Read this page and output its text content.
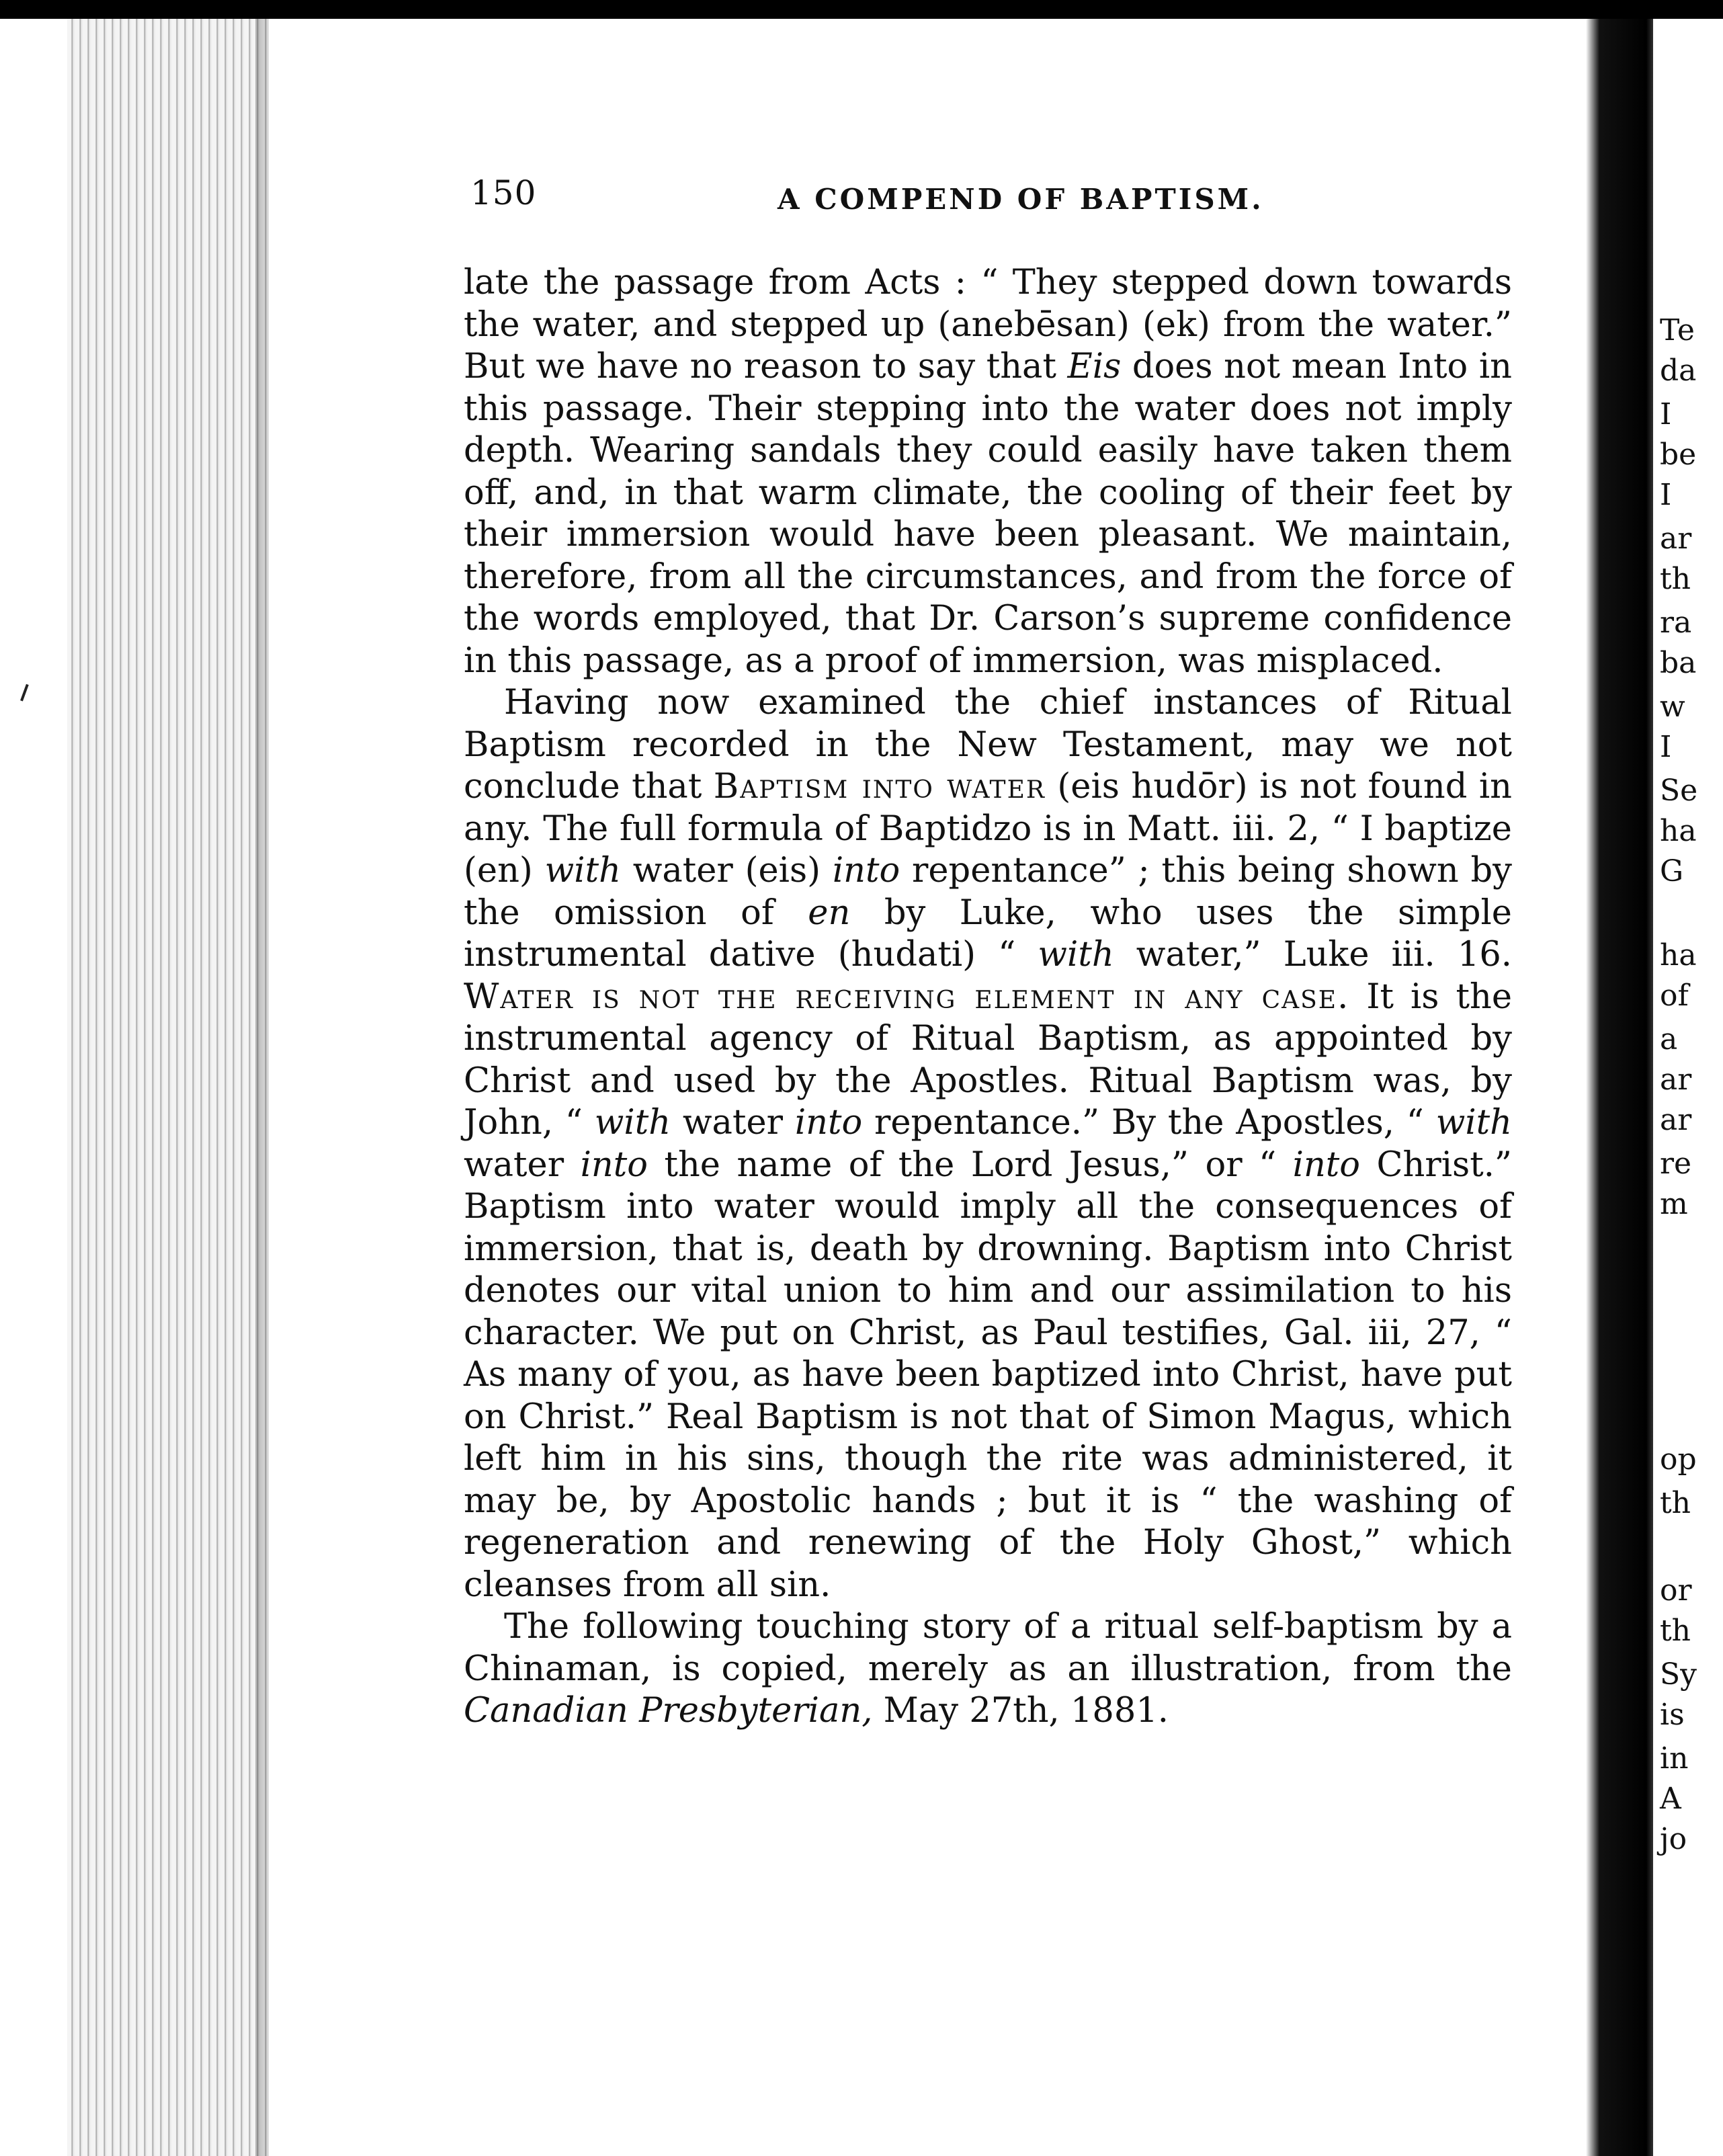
Te
da
I
be
I
ar
th
ra
ba
w
I
Se
ha
G
ha
of
a
ar
ar
re
m
op
th
or
th
Sy
is
in
A
jo
150	A COMPEND OF BAPTISM.
late the passage from Acts : “ They stepped down towards the water, and stepped up (anebēsan) (ek) from the water.” But we have no reason to say that Eis does not mean Into in this passage. Their stepping into the water does not imply depth. Wearing sandals they could easily have taken them off, and, in that warm climate, the cooling of their feet by their immersion would have been pleasant. We maintain, therefore, from all the circumstances, and from the force of the words employed, that Dr. Carson’s supreme confidence in this passage, as a proof of immersion, was misplaced.
Having now examined the chief instances of Ritual Baptism recorded in the New Testament, may we not conclude that Baptism into water (eis hudōr) is not found in any. The full formula of Baptidzo is in Matt. iii. 2, “ I baptize (en) with water (eis) into repentance” ; this being shown by the omission of en by Luke, who uses the simple instrumental dative (hudati) “ with water,” Luke iii. 16. Water is not the receiving element in any case. It is the instrumental agency of Ritual Baptism, as appointed by Christ and used by the Apostles. Ritual Baptism was, by John, “ with water into repentance.” By the Apostles, “ with water into the name of the Lord Jesus,” or “ into Christ.” Baptism into water would imply all the consequences of immersion, that is, death by drowning. Baptism into Christ denotes our vital union to him and our assimilation to his character. We put on Christ, as Paul testifies, Gal. iii, 27, “ As many of you, as have been baptized into Christ, have put on Christ.” Real Baptism is not that of Simon Magus, which left him in his sins, though the rite was administered, it may be, by Apostolic hands ; but it is “ the washing of regeneration and renewing of the Holy Ghost,” which cleanses from all sin.
The following touching story of a ritual self-baptism by a Chinaman, is copied, merely as an illustration, from the Canadian Presbyterian, May 27th, 1881.
